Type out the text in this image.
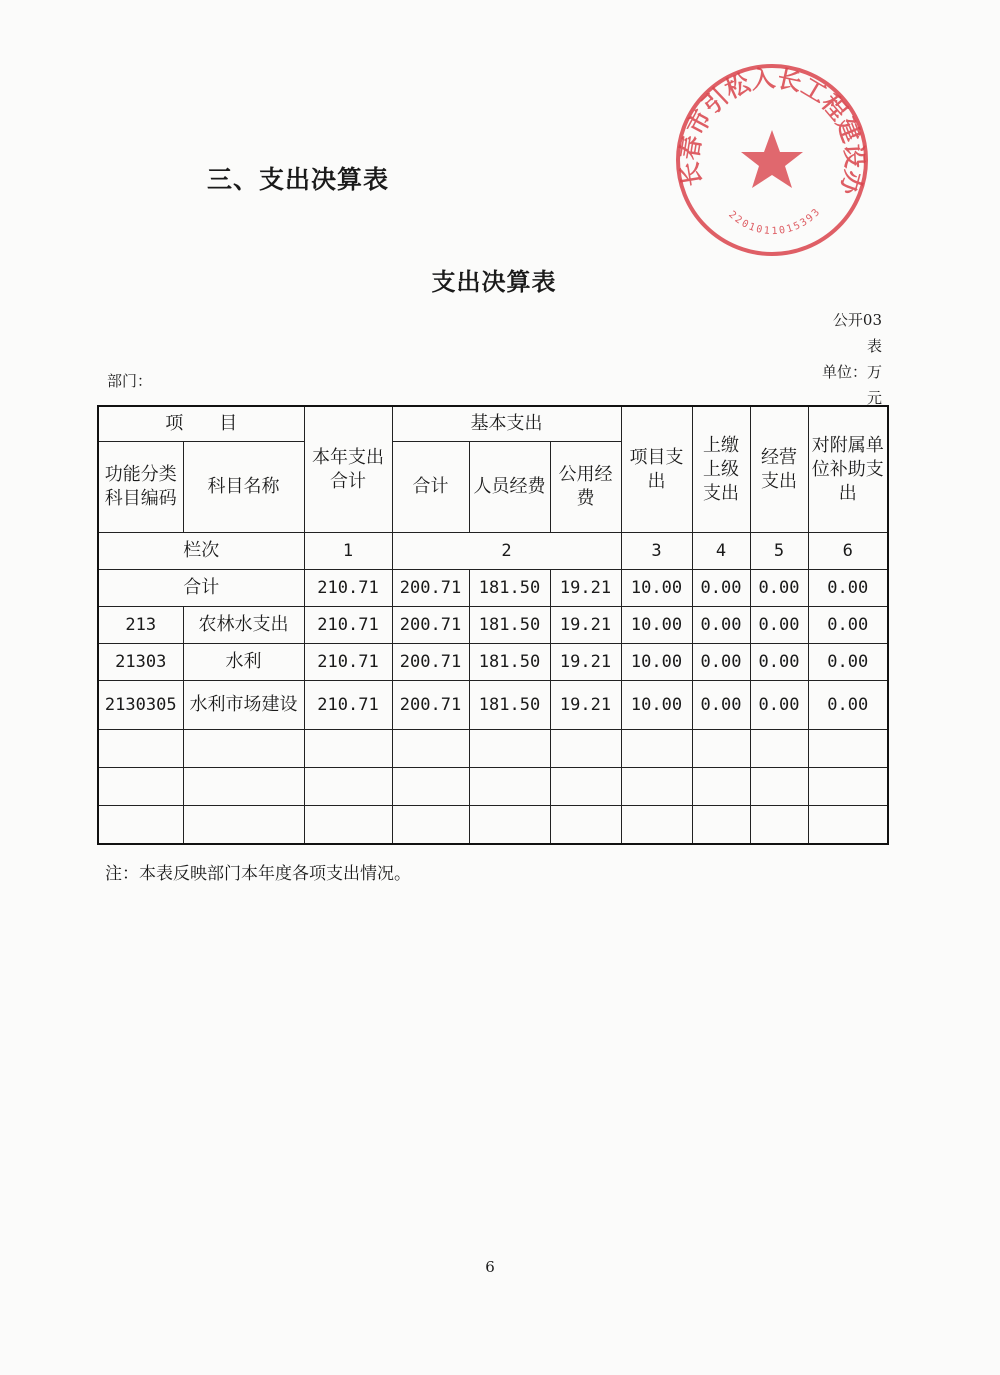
三、支出决算表	长春市引松入长工程建设办
2201011015393
支出决算表
公开03表
单位：万元
部门：
项　　目		本年支出合计	基本支出			项目支出	上缴上级支出	经营支出	对附属单位补助支出
功能分类科目编码	科目名称								
			合计	人员经费	公用经费				
栏次		1	2			3	4	5	6
合计		210.71	200.71	181.50	19.21	10.00	0.00	0.00	0.00
213	农林水支出	210.71	200.71	181.50	19.21	10.00	0.00	0.00	0.00
21303	水利	210.71	200.71	181.50	19.21	10.00	0.00	0.00	0.00
2130305	水利市场建设	210.71	200.71	181.50	19.21	10.00	0.00	0.00	0.00

注：本表反映部门本年度各项支出情况。
6
